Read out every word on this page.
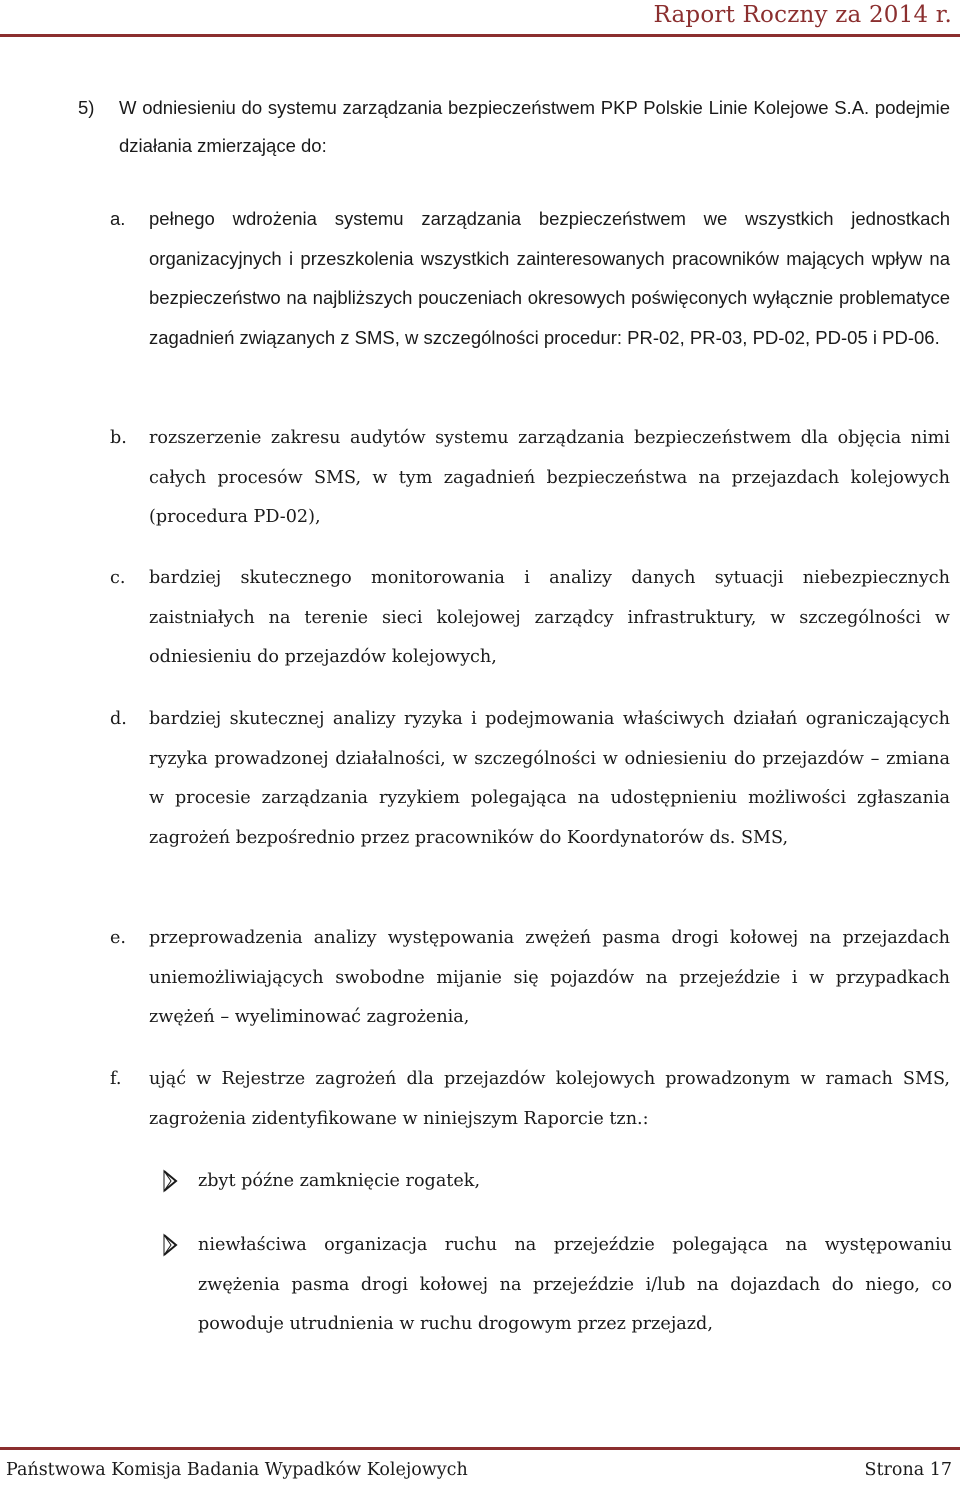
Raport Roczny za 2014 r.
5) W odniesieniu do systemu zarządzania bezpieczeństwem PKP Polskie Linie Kolejowe S.A. podejmie działania zmierzające do:
a. pełnego wdrożenia systemu zarządzania bezpieczeństwem we wszystkich jednostkach organizacyjnych i przeszkolenia wszystkich zainteresowanych pracowników mających wpływ na bezpieczeństwo na najbliższych pouczeniach okresowych poświęconych wyłącznie problematyce zagadnień związanych z SMS, w szczególności procedur: PR-02, PR-03, PD-02, PD-05 i PD-06.
b. rozszerzenie zakresu audytów systemu zarządzania bezpieczeństwem dla objęcia nimi całych procesów SMS, w tym zagadnień bezpieczeństwa na przejazdach kolejowych (procedura PD-02),
c. bardziej skutecznego monitorowania i analizy danych sytuacji niebezpiecznych zaistniałych na terenie sieci kolejowej zarządcy infrastruktury, w szczególności w odniesieniu do przejazdów kolejowych,
d. bardziej skutecznej analizy ryzyka i podejmowania właściwych działań ograniczających ryzyka prowadzonej działalności, w szczególności w odniesieniu do przejazdów – zmiana w procesie zarządzania ryzykiem polegająca na udostępnieniu możliwości zgłaszania zagrożeń bezpośrednio przez pracowników do Koordynatorów ds. SMS,
e. przeprowadzenia analizy występowania zwężeń pasma drogi kołowej na przejazdach uniemożliwiających swobodne mijanie się pojazdów na przejeździe i w przypadkach zwężeń – wyeliminować zagrożenia,
f. ująć w Rejestrze zagrożeń dla przejazdów kolejowych prowadzonym w ramach SMS, zagrożenia zidentyfikowane w niniejszym Raporcie tzn.:
zbyt późne zamknięcie rogatek,
niewłaściwa organizacja ruchu na przejeździe polegająca na występowaniu zwężenia pasma drogi kołowej na przejeździe i/lub na dojazdach do niego, co powoduje utrudnienia w ruchu drogowym przez przejazd,
Państwowa Komisja Badania Wypadków Kolejowych	Strona 17
